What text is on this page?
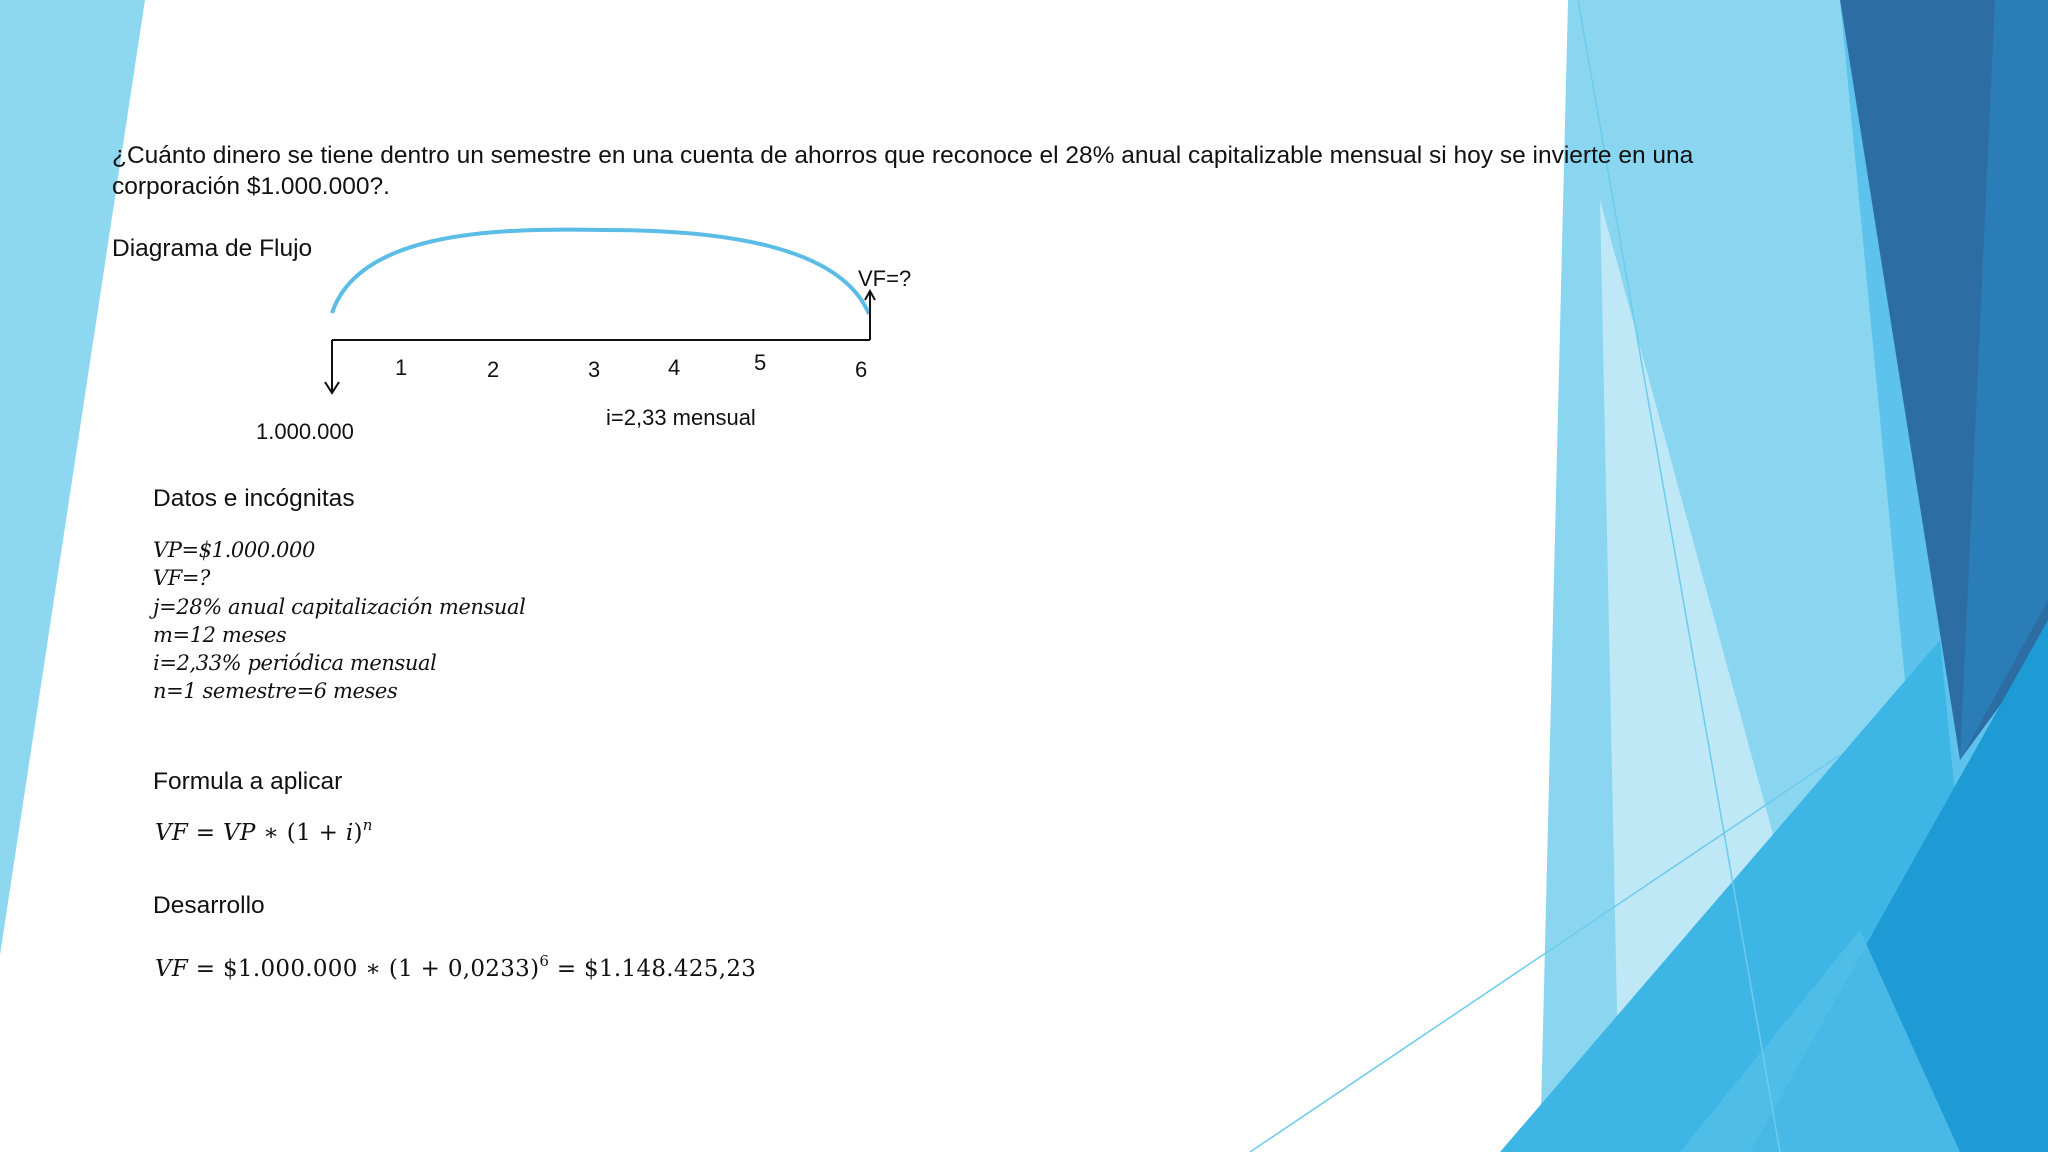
¿Cuánto dinero se tiene dentro un semestre en una cuenta de ahorros que reconoce el 28% anual capitalizable mensual si hoy se invierte en una corporación $1.000.000?.
Diagrama de Flujo
VF=?
1	2	3	4	5	6
1.000.000
i=2,33 mensual
Datos e incógnitas
VP=$1.000.000
VF=?
j=28% anual capitalización mensual
m=12 meses
i=2,33% periódica mensual
n=1 semestre=6 meses
Formula a aplicar
VF = VP ∗ $(1 + i)^n$
Desarrollo
VF = $1.000.000 ∗ $(1 + 0,0233)^6$ = $1.148.425,23
